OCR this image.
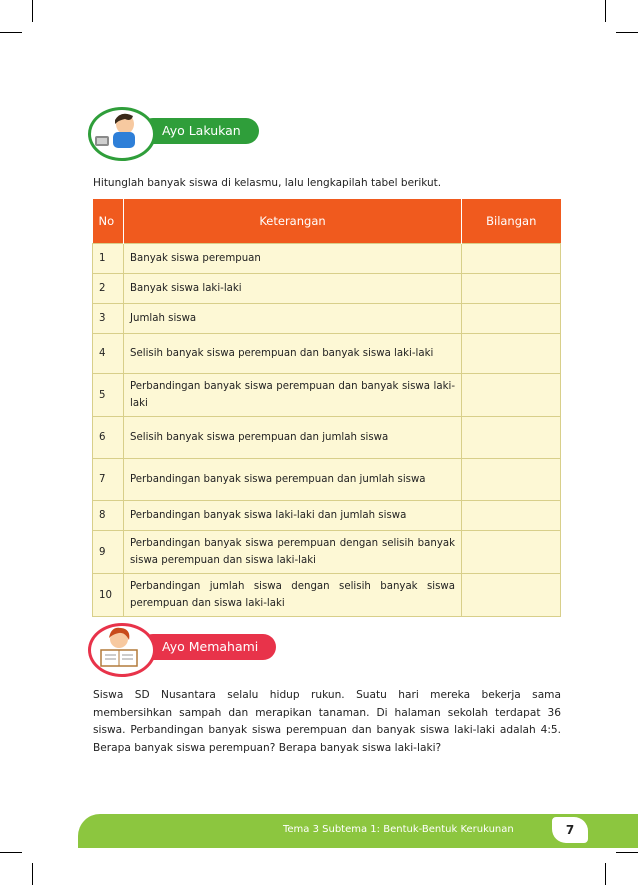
Ayo Lakukan
Hitunglah banyak siswa di kelasmu, lalu lengkapilah tabel berikut.
No	Keterangan	Bilangan
1	Banyak siswa perempuan	
2	Banyak siswa laki-laki	
3	Jumlah siswa	
4	Selisih banyak siswa perempuan dan banyak siswa laki-laki	
5	Perbandingan banyak siswa perempuan dan banyak siswa laki-laki	
6	Selisih banyak siswa perempuan dan jumlah siswa	
7	Perbandingan banyak siswa perempuan dan jumlah siswa	
8	Perbandingan banyak siswa laki-laki dan jumlah siswa	
9	Perbandingan banyak siswa perempuan dengan selisih banyak siswa perempuan dan siswa laki-laki	
10	Perbandingan jumlah siswa dengan selisih banyak siswa perempuan dan siswa laki-laki	
Ayo Memahami

Siswa SD Nusantara selalu hidup rukun. Suatu hari mereka bekerja sama membersihkan sampah dan merapikan tanaman. Di halaman sekolah terdapat 36 siswa. Perbandingan banyak siswa perempuan dan banyak siswa laki-laki adalah 4:5. Berapa banyak siswa perempuan? Berapa banyak siswa laki-laki?

Tema 3 Subtema 1: Bentuk-Bentuk Kerukunan	7
